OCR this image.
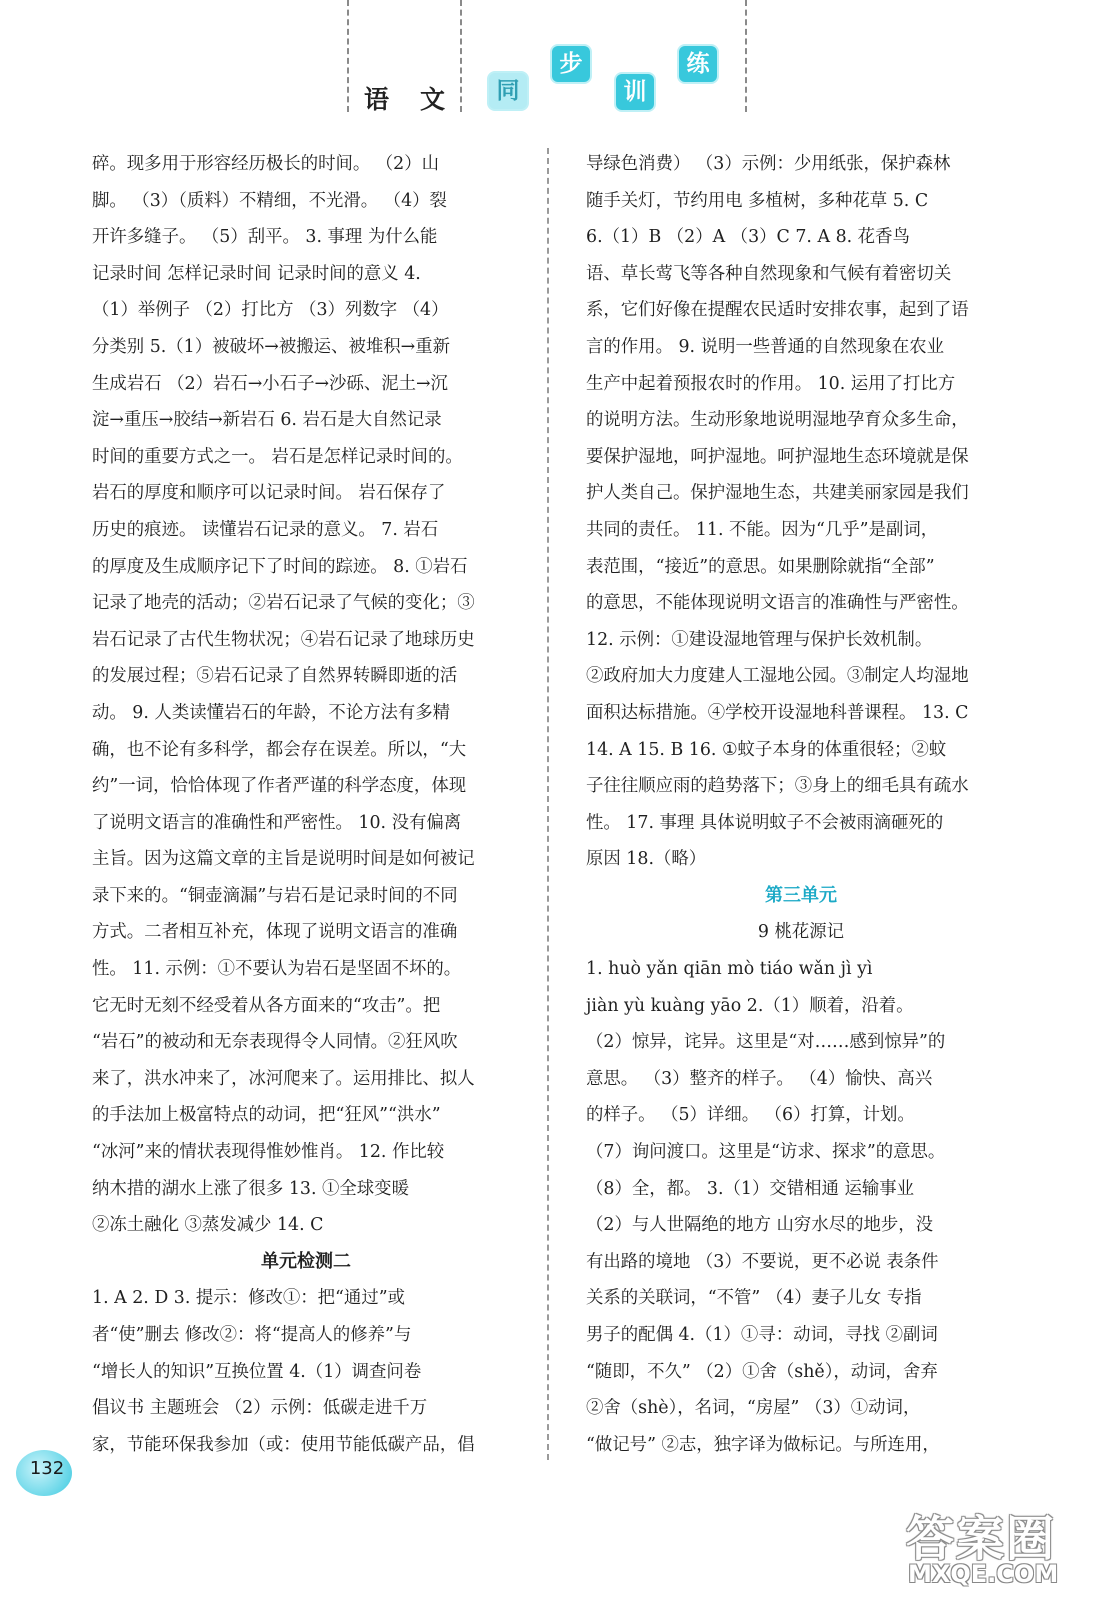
语 文	同
步
训
练

碎。现多用于形容经历极长的时间。 （2）山

脚。 （3）（质料）不精细，不光滑。 （4）裂

开许多缝子。 （5）刮平。 3. 事理 为什么能

记录时间 怎样记录时间 记录时间的意义 4.

（1）举例子 （2）打比方 （3）列数字 （4）

分类别 5.（1）被破坏→被搬运、被堆积→重新

生成岩石 （2）岩石→小石子→沙砾、泥土→沉

淀→重压→胶结→新岩石 6. 岩石是大自然记录

时间的重要方式之一。 岩石是怎样记录时间的。

岩石的厚度和顺序可以记录时间。 岩石保存了

历史的痕迹。 读懂岩石记录的意义。 7. 岩石

的厚度及生成顺序记下了时间的踪迹。 8. ①岩石

记录了地壳的活动；②岩石记录了气候的变化；③

岩石记录了古代生物状况；④岩石记录了地球历史

的发展过程；⑤岩石记录了自然界转瞬即逝的活

动。 9. 人类读懂岩石的年龄，不论方法有多精

确，也不论有多科学，都会存在误差。所以，“大

约”一词，恰恰体现了作者严谨的科学态度，体现

了说明文语言的准确性和严密性。 10. 没有偏离

主旨。因为这篇文章的主旨是说明时间是如何被记

录下来的。“铜壶滴漏”与岩石是记录时间的不同

方式。二者相互补充，体现了说明文语言的准确

性。 11. 示例：①不要认为岩石是坚固不坏的。

它无时无刻不经受着从各方面来的“攻击”。把

“岩石”的被动和无奈表现得令人同情。②狂风吹

来了，洪水冲来了，冰河爬来了。运用排比、拟人

的手法加上极富特点的动词，把“狂风”“洪水”

“冰河”来的情状表现得惟妙惟肖。 12. 作比较

纳木措的湖水上涨了很多 13. ①全球变暖

②冻土融化 ③蒸发减少 14. C

单元检测二

1. A 2. D 3. 提示：修改①：把“通过”或

者“使”删去 修改②：将“提高人的修养”与

“增长人的知识”互换位置 4.（1）调查问卷

倡议书 主题班会 （2）示例：低碳走进千万

家，节能环保我参加（或：使用节能低碳产品，倡

导绿色消费） （3）示例：少用纸张，保护森林

随手关灯，节约用电 多植树，多种花草 5. C

6.（1）B （2）A （3）C 7. A 8. 花香鸟

语、草长莺飞等各种自然现象和气候有着密切关

系，它们好像在提醒农民适时安排农事，起到了语

言的作用。 9. 说明一些普通的自然现象在农业

生产中起着预报农时的作用。 10. 运用了打比方

的说明方法。生动形象地说明湿地孕育众多生命，

要保护湿地，呵护湿地。呵护湿地生态环境就是保

护人类自己。保护湿地生态，共建美丽家园是我们

共同的责任。 11. 不能。因为“几乎”是副词，

表范围，“接近”的意思。如果删除就指“全部”

的意思，不能体现说明文语言的准确性与严密性。

12. 示例：①建设湿地管理与保护长效机制。

②政府加大力度建人工湿地公园。③制定人均湿地

面积达标措施。④学校开设湿地科普课程。 13. C

14. A 15. B 16. ①蚊子本身的体重很轻；②蚊

子往往顺应雨的趋势落下；③身上的细毛具有疏水

性。 17. 事理 具体说明蚊子不会被雨滴砸死的

原因 18.（略）

第三单元

9 桃花源记

1. huò yǎn qiān mò tiáo wǎn jì yì

jiàn yù kuàng yāo 2.（1）顺着，沿着。

（2）惊异，诧异。这里是“对……感到惊异”的

意思。 （3）整齐的样子。 （4）愉快、高兴

的样子。 （5）详细。 （6）打算，计划。

（7）询问渡口。这里是“访求、探求”的意思。

（8）全，都。 3.（1）交错相通 运输事业

（2）与人世隔绝的地方 山穷水尽的地步，没

有出路的境地 （3）不要说，更不必说 表条件

关系的关联词，“不管” （4）妻子儿女 专指

男子的配偶 4.（1）①寻：动词，寻找 ②副词

“随即，不久” （2）①舍（shě），动词，舍弃

②舍（shè），名词，“房屋” （3）①动词，

“做记号” ②志，独字译为做标记。与所连用，

132
答案圈
MXQE.COM
